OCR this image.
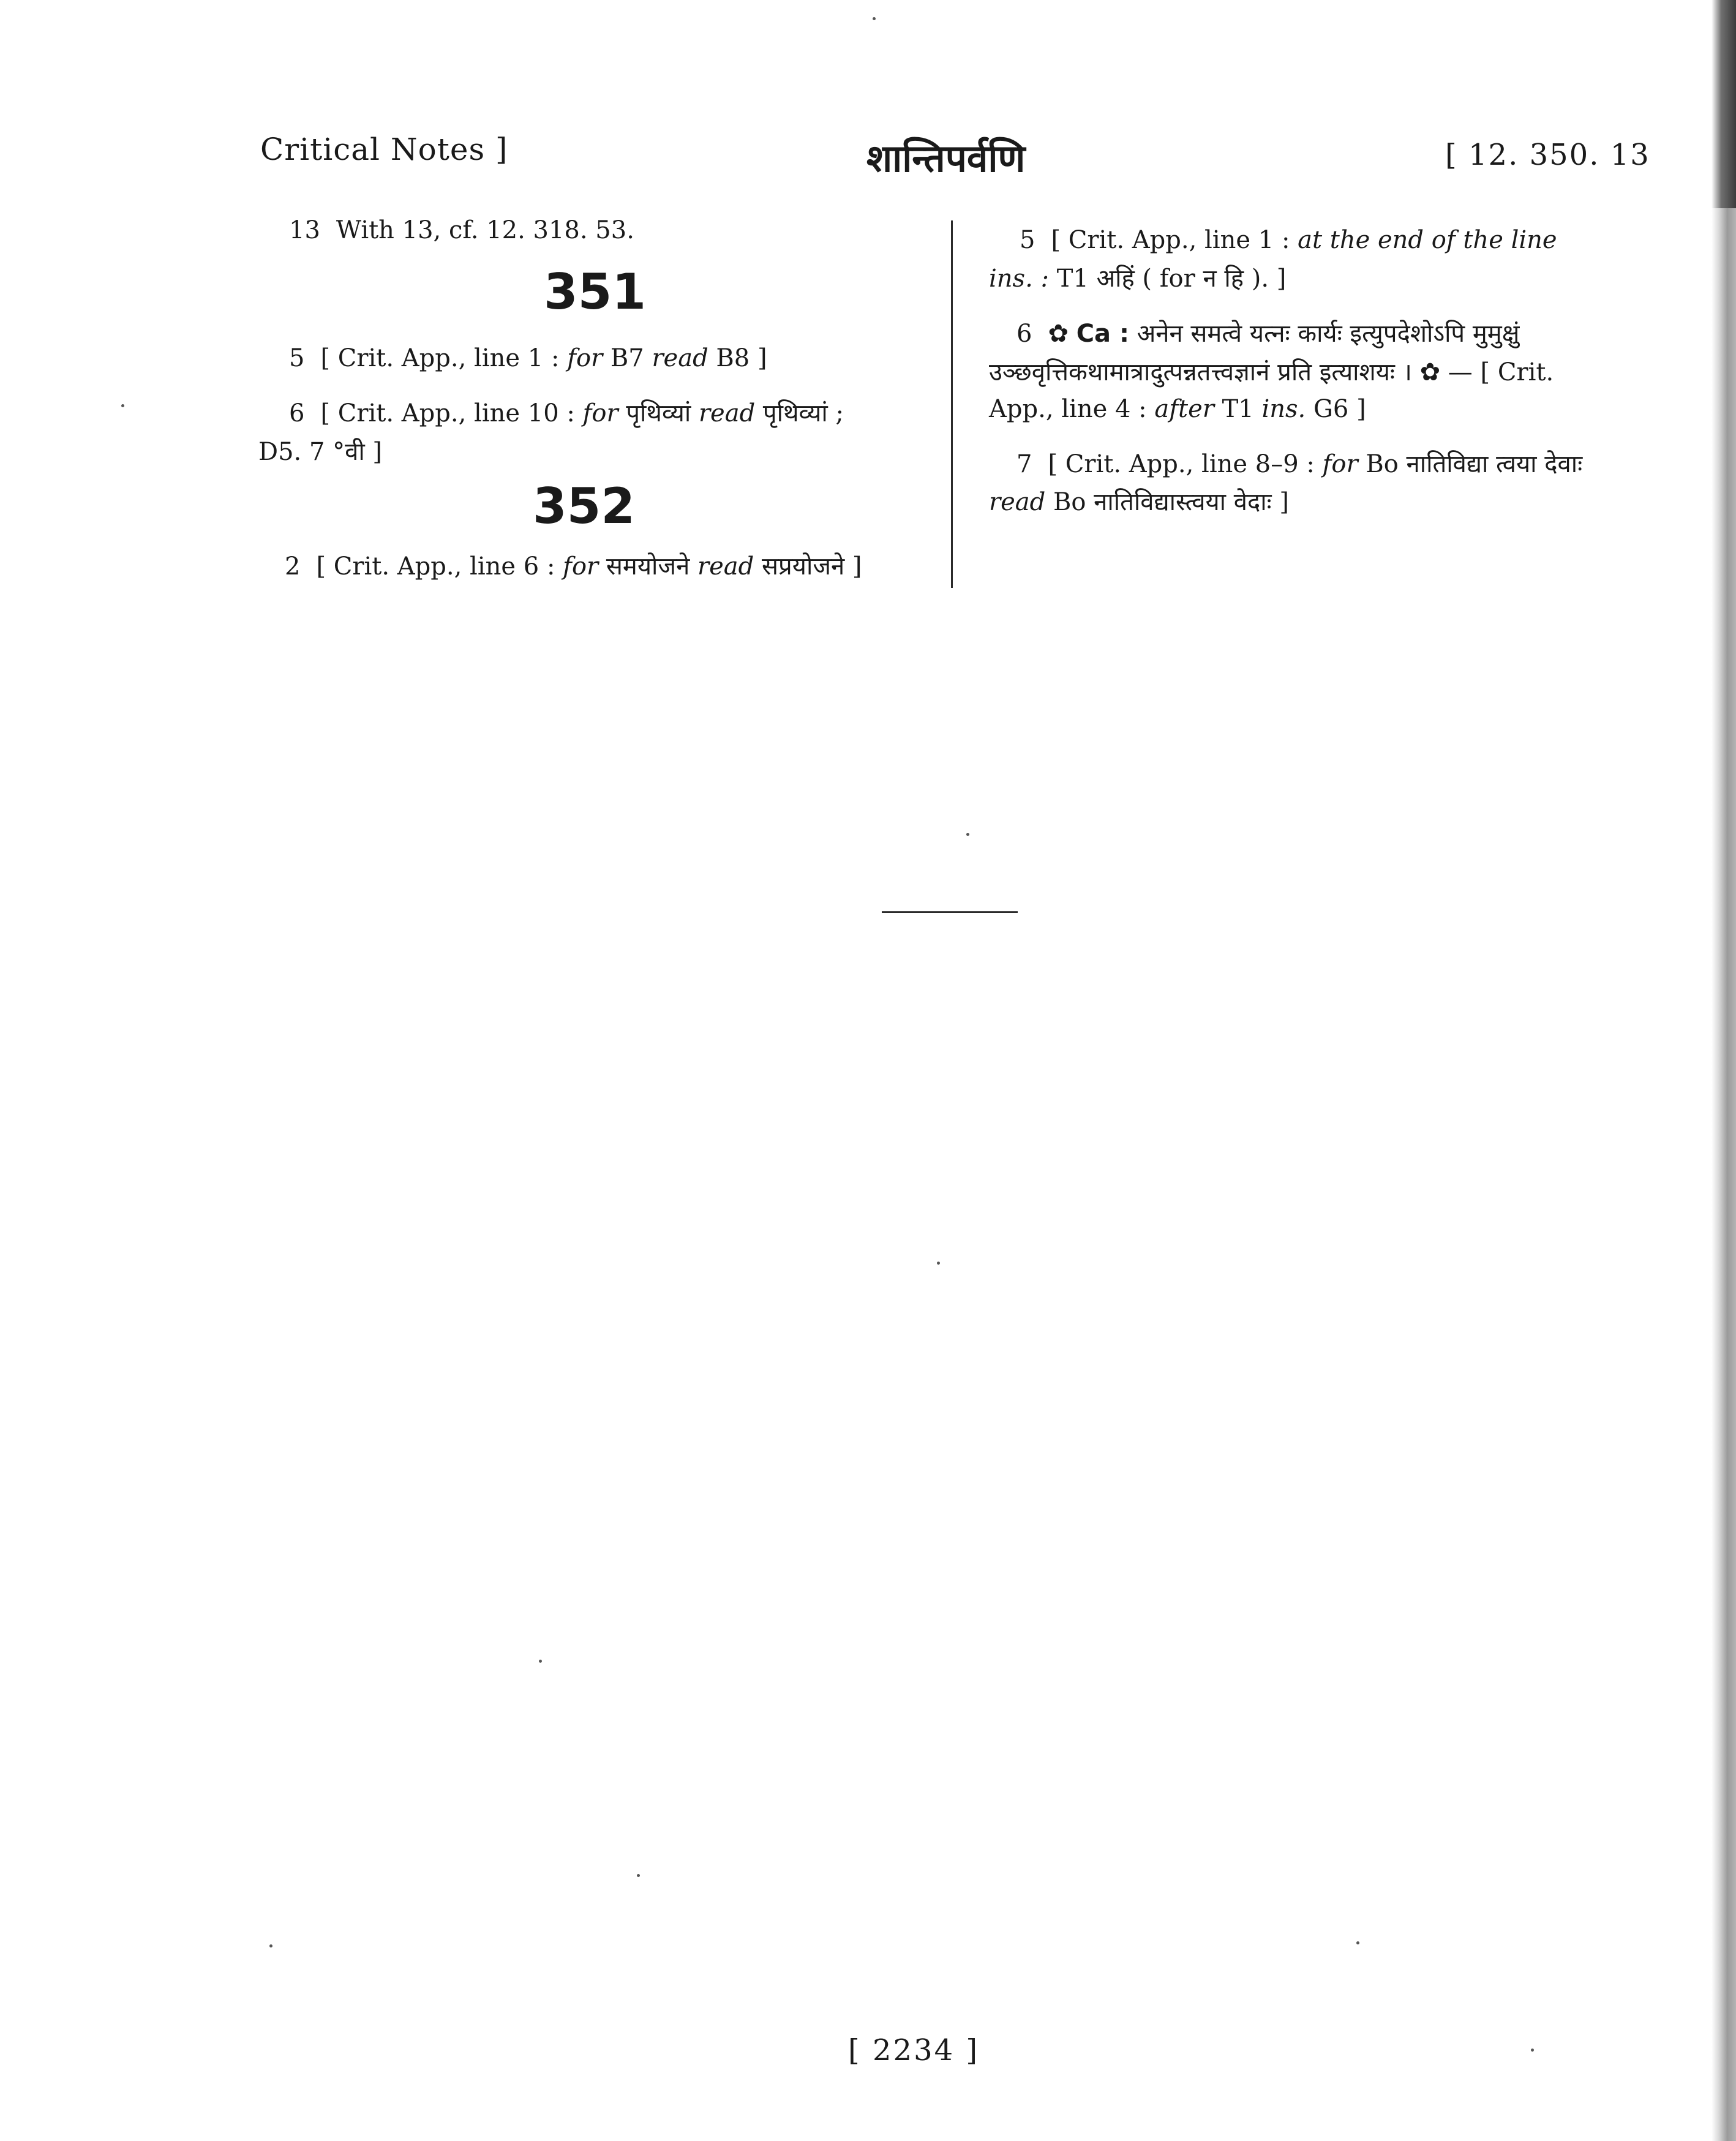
Critical Notes ]	शान्तिपर्वणि	[ 12. 350. 13
13 With 13, cf. 12. 318. 53.
351
5 [ Crit. App., line 1 : for B7 read B8 ]
6 [ Crit. App., line 10 : for पृथिव्यां read पृथिव्यां ;
D5. 7 °वी ]
352
2 [ Crit. App., line 6 : for समयोजने read सप्रयोजने ]
5 [ Crit. App., line 1 : at the end of the line
ins. : T1 अहिं ( for न हि ). ]
6 ✿ Ca : अनेन समत्वे यत्नः कार्यः इत्युपदेशोऽपि मुमुक्षुं
उञ्छवृत्तिकथामात्रादुत्पन्नतत्त्वज्ञानं प्रति इत्याशयः । ✿ — [ Crit.
App., line 4 : after T1 ins. G6 ]
7 [ Crit. App., line 8–9 : for Bo नातिविद्या त्वया देवाः
read Bo नातिविद्यास्त्वया वेदाः ]
[ 2234 ]
